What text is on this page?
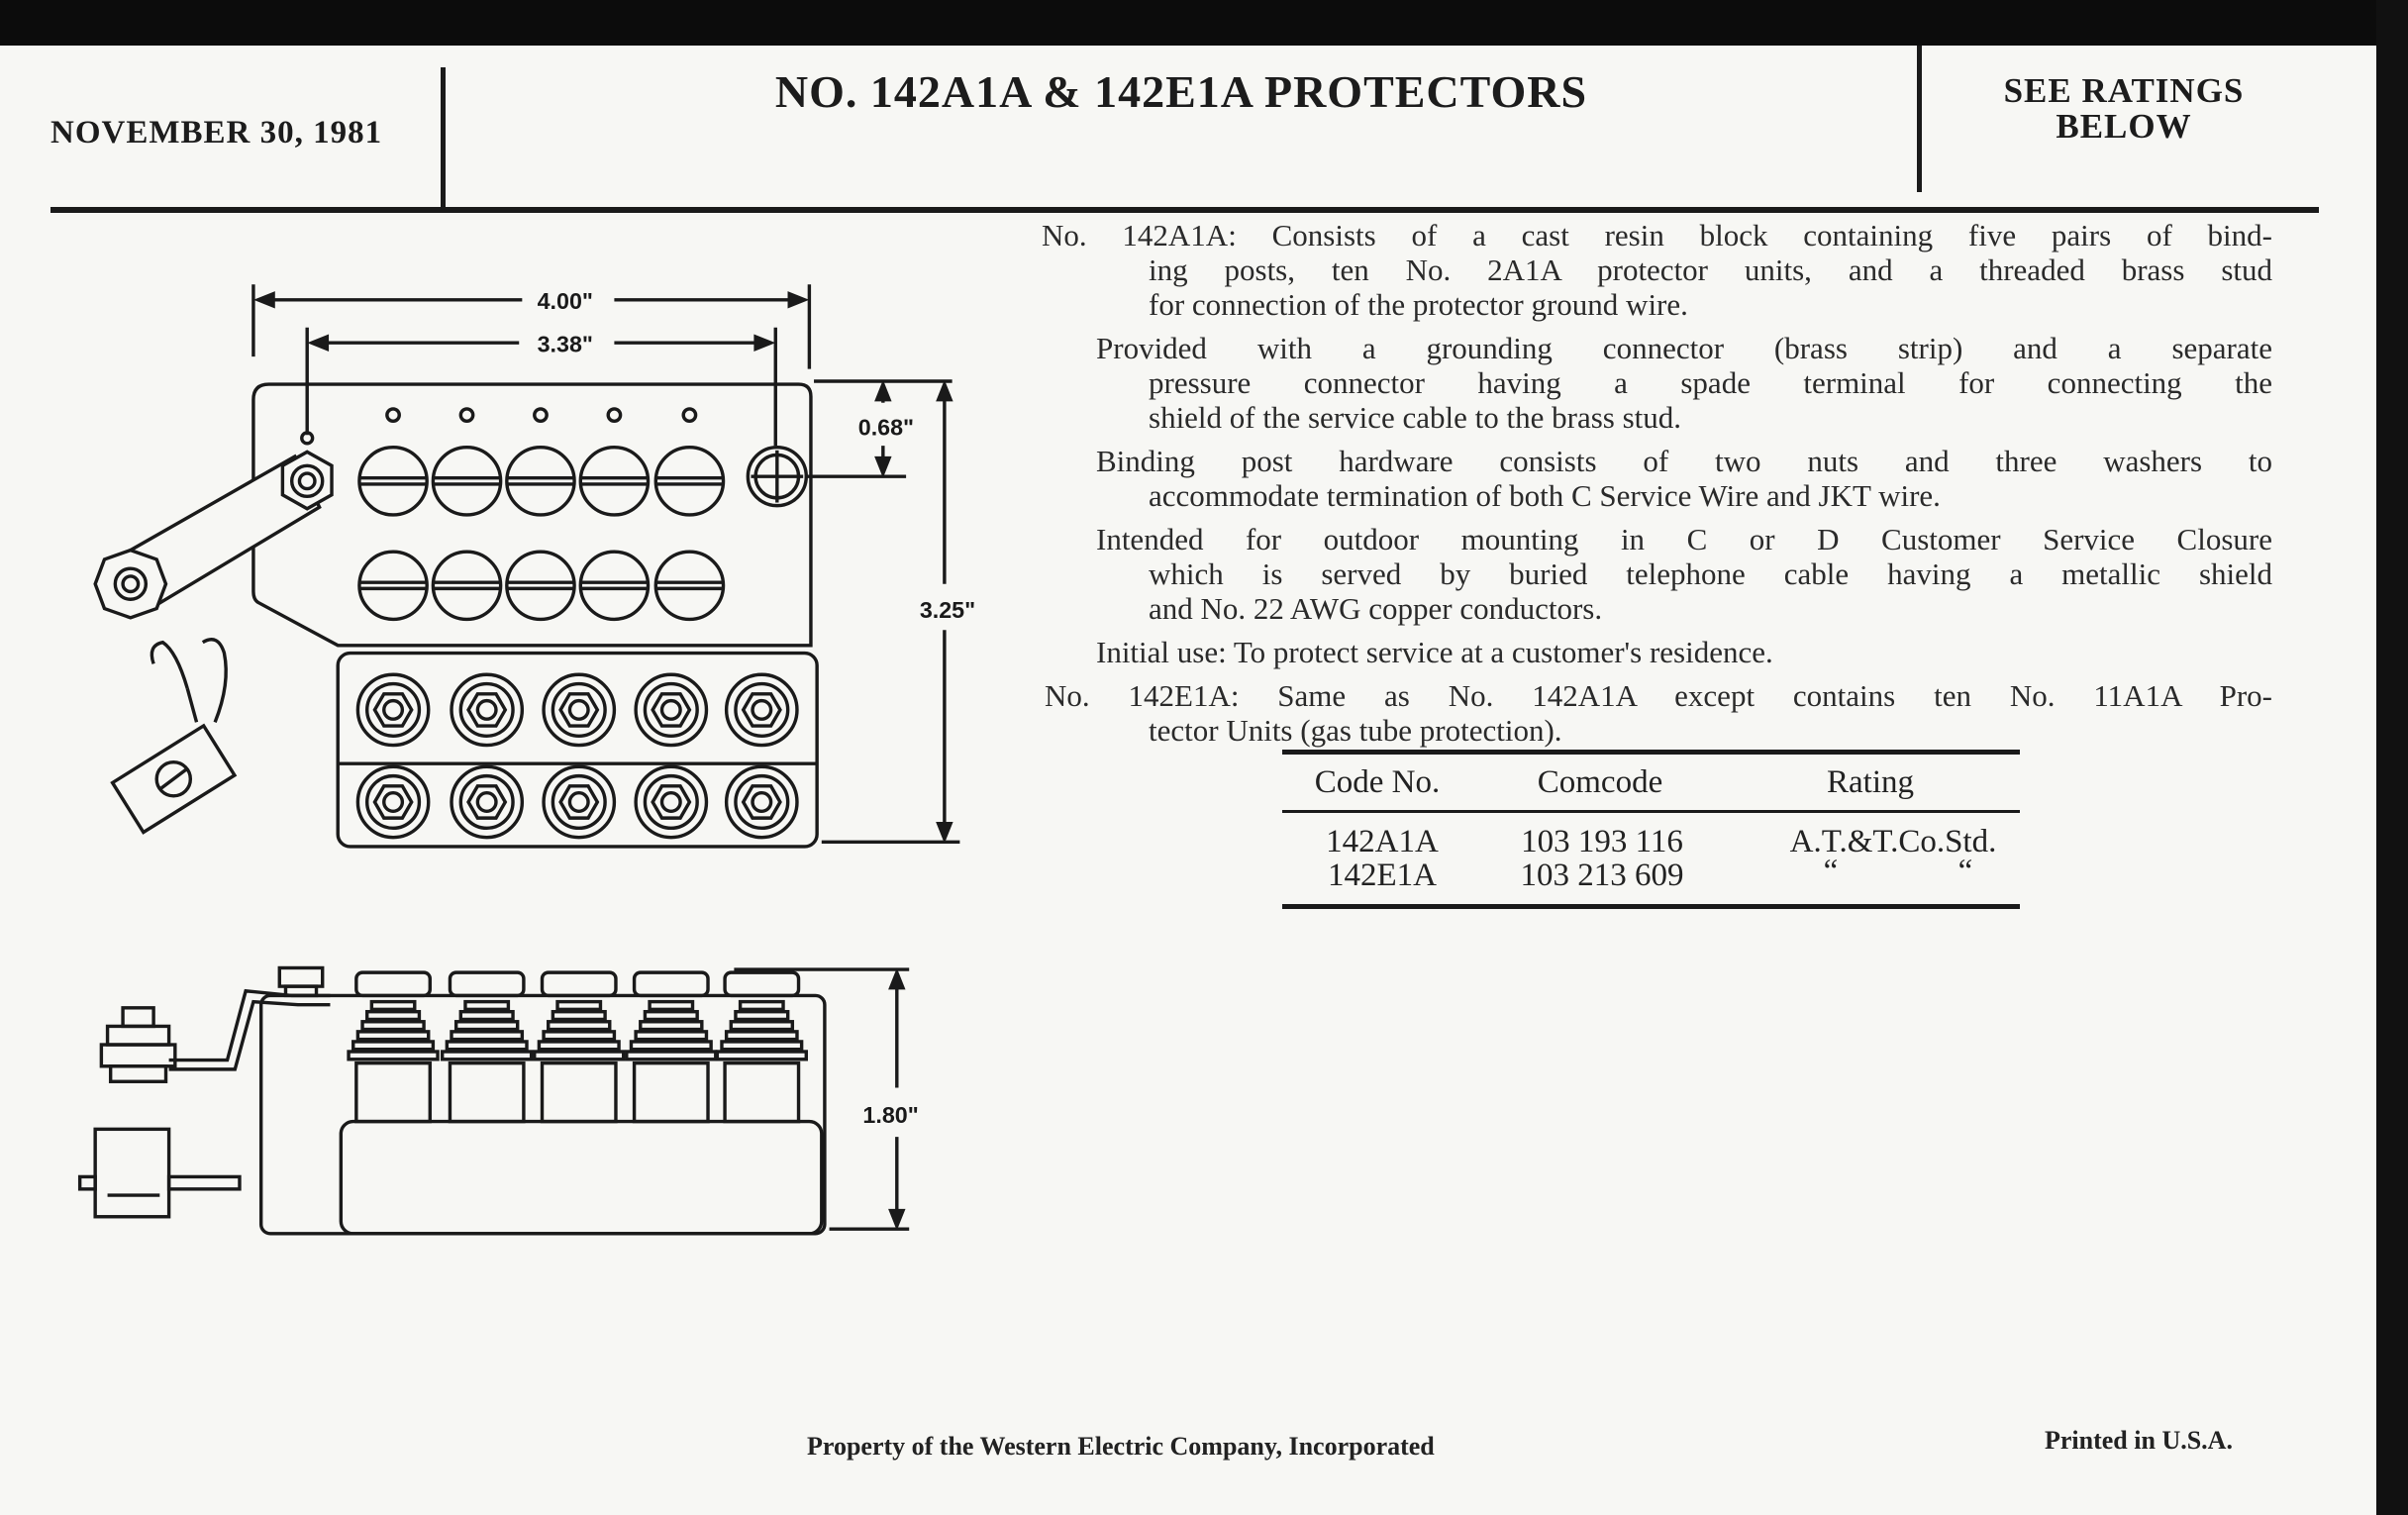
NOVEMBER 30, 1981
NO. 142A1A & 142E1A PROTECTORS	SEE RATINGS
BELOW
4.00"
3.38"
0.68"
3.25"
1.80"
No. 142A1A: Consists of a cast resin block containing five pairs of bind-
ing posts, ten No. 2A1A protector units, and a threaded brass stud
for connection of the protector ground wire.
Provided with a grounding connector (brass strip) and a separate
pressure connector having a spade terminal for connecting the
shield of the service cable to the brass stud.
Binding post hardware consists of two nuts and three washers to
accommodate termination of both C Service Wire and JKT wire.
Intended for outdoor mounting in C or D Customer Service Closure
which is served by buried telephone cable having a metallic shield
and No. 22 AWG copper conductors.
Initial use: To protect service at a customer's residence.
No. 142E1A: Same as No. 142A1A except contains ten No. 11A1A Pro-
tector Units (gas tube protection).
Code No.	Comcode	Rating
142A1A	103 193 116	A.T.&T.Co.Std.
142E1A	103 213 609	“	“
Property of the Western Electric Company, Incorporated	Printed in U.S.A.
